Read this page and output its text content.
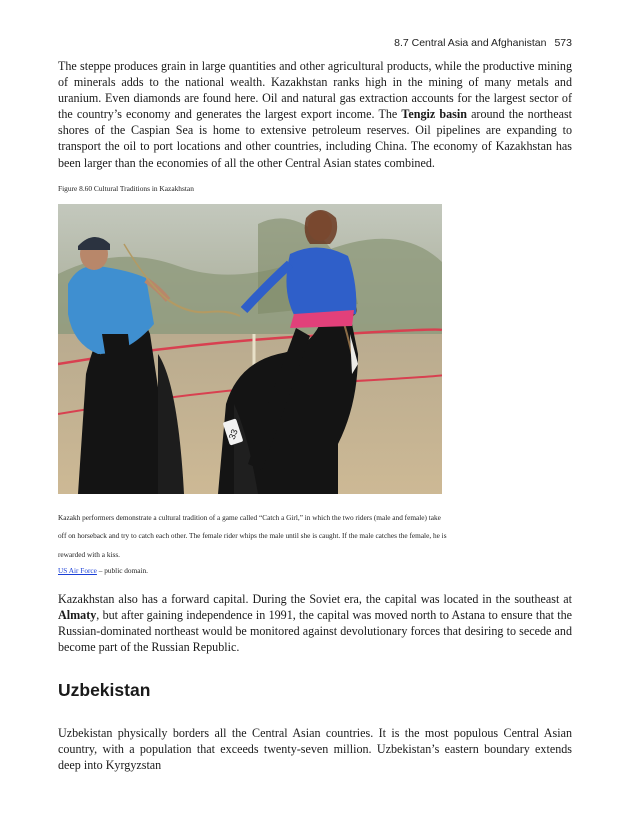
8.7 Central Asia and Afghanistan 573

The steppe produces grain in large quantities and other agricultural products, while the productive mining of minerals adds to the national wealth. Kazakhstan ranks high in the mining of many metals and uranium. Even diamonds are found here. Oil and natural gas extraction accounts for the largest sector of the country’s economy and generates the largest export income. The Tengiz basin around the northeast shores of the Caspian Sea is home to extensive petroleum reserves. Oil pipelines are expanding to transport the oil to port locations and other countries, including China. The economy of Kazakhstan has been larger than the economies of all the other Central Asian states combined.

Figure 8.60 Cultural Traditions in Kazakhstan
33

Kazakh performers demonstrate a cultural tradition of a game called “Catch a Girl,” in which the two riders (male and female) take off on horseback and try to catch each other. The female rider whips the male until she is caught. If the male catches the female, he is rewarded with a kiss.

US Air Force – public domain.

Kazakhstan also has a forward capital. During the Soviet era, the capital was located in the southeast at Almaty, but after gaining independence in 1991, the capital was moved north to Astana to ensure that the Russian-dominated northeast would be monitored against devolutionary forces that desiring to secede and become part of the Russian Republic.

Uzbekistan

Uzbekistan physically borders all the Central Asian countries. It is the most populous Central Asian country, with a population that exceeds twenty-seven million. Uzbekistan’s eastern boundary extends deep into Kyrgyzstan
